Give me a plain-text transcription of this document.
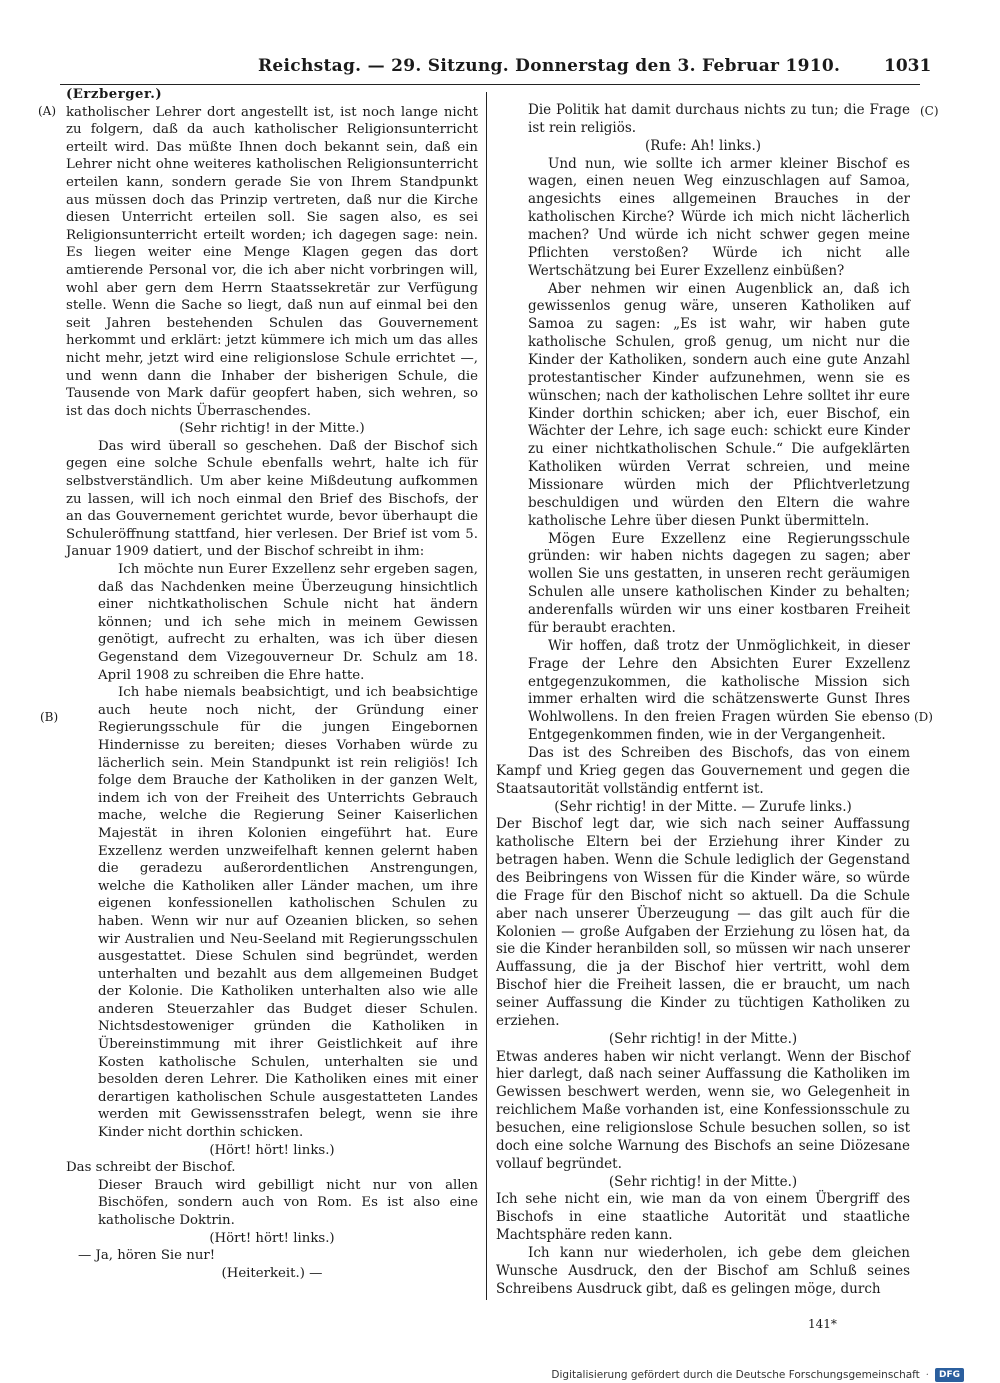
Reichstag. — 29. Sitzung. Donnerstag den 3. Februar 1910.	1031
(A)	(C)
(B)	(D)

(Erzberger.)

katholischer Lehrer dort angestellt ist, ist noch lange nicht zu folgern, daß da auch katholischer Religionsunterricht erteilt wird. Das müßte Ihnen doch bekannt sein, daß ein Lehrer nicht ohne weiteres katholischen Religionsunterricht erteilen kann, sondern gerade Sie von Ihrem Standpunkt aus müssen doch das Prinzip vertreten, daß nur die Kirche diesen Unterricht erteilen soll. Sie sagen also, es sei Religionsunterricht erteilt worden; ich dagegen sage: nein. Es liegen weiter eine Menge Klagen gegen das dort amtierende Personal vor, die ich aber nicht vorbringen will, wohl aber gern dem Herrn Staatssekretär zur Verfügung stelle. Wenn die Sache so liegt, daß nun auf einmal bei den seit Jahren bestehenden Schulen das Gouvernement herkommt und erklärt: jetzt kümmere ich mich um das alles nicht mehr, jetzt wird eine religionslose Schule errichtet —, und wenn dann die Inhaber der bisherigen Schule, die Tausende von Mark dafür geopfert haben, sich wehren, so ist das doch nichts Überraschendes.

(Sehr richtig! in der Mitte.)

Das wird überall so geschehen. Daß der Bischof sich gegen eine solche Schule ebenfalls wehrt, halte ich für selbstverständlich. Um aber keine Mißdeutung aufkommen zu lassen, will ich noch einmal den Brief des Bischofs, der an das Gouvernement gerichtet wurde, bevor überhaupt die Schuleröffnung stattfand, hier verlesen. Der Brief ist vom 5. Januar 1909 datiert, und der Bischof schreibt in ihm:

Ich möchte nun Eurer Exzellenz sehr ergeben sagen, daß das Nachdenken meine Überzeugung hinsichtlich einer nichtkatholischen Schule nicht hat ändern können; und ich sehe mich in meinem Gewissen genötigt, aufrecht zu erhalten, was ich über diesen Gegenstand dem Vizegouverneur Dr. Schulz am 18. April 1908 zu schreiben die Ehre hatte.

Ich habe niemals beabsichtigt, und ich beabsichtige auch heute noch nicht, der Gründung einer Regierungsschule für die jungen Eingebornen Hindernisse zu bereiten; dieses Vorhaben würde zu lächerlich sein. Mein Standpunkt ist rein religiös! Ich folge dem Brauche der Katholiken in der ganzen Welt, indem ich von der Freiheit des Unterrichts Gebrauch mache, welche die Regierung Seiner Kaiserlichen Majestät in ihren Kolonien eingeführt hat. Eure Exzellenz werden unzweifelhaft kennen gelernt haben die geradezu außerordentlichen Anstrengungen, welche die Katholiken aller Länder machen, um ihre eigenen konfessionellen katholischen Schulen zu haben. Wenn wir nur auf Ozeanien blicken, so sehen wir Australien und Neu-Seeland mit Regierungsschulen ausgestattet. Diese Schulen sind begründet, werden unterhalten und bezahlt aus dem allgemeinen Budget der Kolonie. Die Katholiken unterhalten also wie alle anderen Steuerzahler das Budget dieser Schulen. Nichtsdestoweniger gründen die Katholiken in Übereinstimmung mit ihrer Geistlichkeit auf ihre Kosten katholische Schulen, unterhalten sie und besolden deren Lehrer. Die Katholiken eines mit einer derartigen katholischen Schule ausgestatteten Landes werden mit Gewissensstrafen belegt, wenn sie ihre Kinder nicht dorthin schicken.

(Hört! hört! links.)

Das schreibt der Bischof.

Dieser Brauch wird gebilligt nicht nur von allen Bischöfen, sondern auch von Rom. Es ist also eine katholische Doktrin.

(Hört! hört! links.)

— Ja, hören Sie nur!

(Heiterkeit.) —

Die Politik hat damit durchaus nichts zu tun; die Frage ist rein religiös.

(Rufe: Ah! links.)

Und nun, wie sollte ich armer kleiner Bischof es wagen, einen neuen Weg einzuschlagen auf Samoa, angesichts eines allgemeinen Brauches in der katholischen Kirche? Würde ich mich nicht lächerlich machen? Und würde ich nicht schwer gegen meine Pflichten verstoßen? Würde ich nicht alle Wertschätzung bei Eurer Exzellenz einbüßen?

Aber nehmen wir einen Augenblick an, daß ich gewissenlos genug wäre, unseren Katholiken auf Samoa zu sagen: „Es ist wahr, wir haben gute katholische Schulen, groß genug, um nicht nur die Kinder der Katholiken, sondern auch eine gute Anzahl protestantischer Kinder aufzunehmen, wenn sie es wünschen; nach der katholischen Lehre solltet ihr eure Kinder dorthin schicken; aber ich, euer Bischof, ein Wächter der Lehre, ich sage euch: schickt eure Kinder zu einer nichtkatholischen Schule.“ Die aufgeklärten Katholiken würden Verrat schreien, und meine Missionare würden mich der Pflichtverletzung beschuldigen und würden den Eltern die wahre katholische Lehre über diesen Punkt übermitteln.

Mögen Eure Exzellenz eine Regierungsschule gründen: wir haben nichts dagegen zu sagen; aber wollen Sie uns gestatten, in unseren recht geräumigen Schulen alle unsere katholischen Kinder zu behalten; anderenfalls würden wir uns einer kostbaren Freiheit für beraubt erachten.

Wir hoffen, daß trotz der Unmöglichkeit, in dieser Frage der Lehre den Absichten Eurer Exzellenz entgegenzukommen, die katholische Mission sich immer erhalten wird die schätzenswerte Gunst Ihres Wohlwollens. In den freien Fragen würden Sie ebenso Entgegenkommen finden, wie in der Vergangenheit.

Das ist des Schreiben des Bischofs, das von einem Kampf und Krieg gegen das Gouvernement und gegen die Staatsautorität vollständig entfernt ist.

(Sehr richtig! in der Mitte. — Zurufe links.)

Der Bischof legt dar, wie sich nach seiner Auffassung katholische Eltern bei der Erziehung ihrer Kinder zu betragen haben. Wenn die Schule lediglich der Gegenstand des Beibringens von Wissen für die Kinder wäre, so würde die Frage für den Bischof nicht so aktuell. Da die Schule aber nach unserer Überzeugung — das gilt auch für die Kolonien — große Aufgaben der Erziehung zu lösen hat, da sie die Kinder heranbilden soll, so müssen wir nach unserer Auffassung, die ja der Bischof hier vertritt, wohl dem Bischof hier die Freiheit lassen, die er braucht, um nach seiner Auffassung die Kinder zu tüchtigen Katholiken zu erziehen.

(Sehr richtig! in der Mitte.)

Etwas anderes haben wir nicht verlangt. Wenn der Bischof hier darlegt, daß nach seiner Auffassung die Katholiken im Gewissen beschwert werden, wenn sie, wo Gelegenheit in reichlichem Maße vorhanden ist, eine Konfessionsschule zu besuchen, eine religionslose Schule besuchen sollen, so ist doch eine solche Warnung des Bischofs an seine Diözesane vollauf begründet.

(Sehr richtig! in der Mitte.)

Ich sehe nicht ein, wie man da von einem Übergriff des Bischofs in eine staatliche Autorität und staatliche Machtsphäre reden kann.

Ich kann nur wiederholen, ich gebe dem gleichen Wunsche Ausdruck, den der Bischof am Schluß seines Schreibens Ausdruck gibt, daß es gelingen möge, durch

141*
Digitalisierung gefördert durch die Deutsche Forschungsgemeinschaft ·	DFG
